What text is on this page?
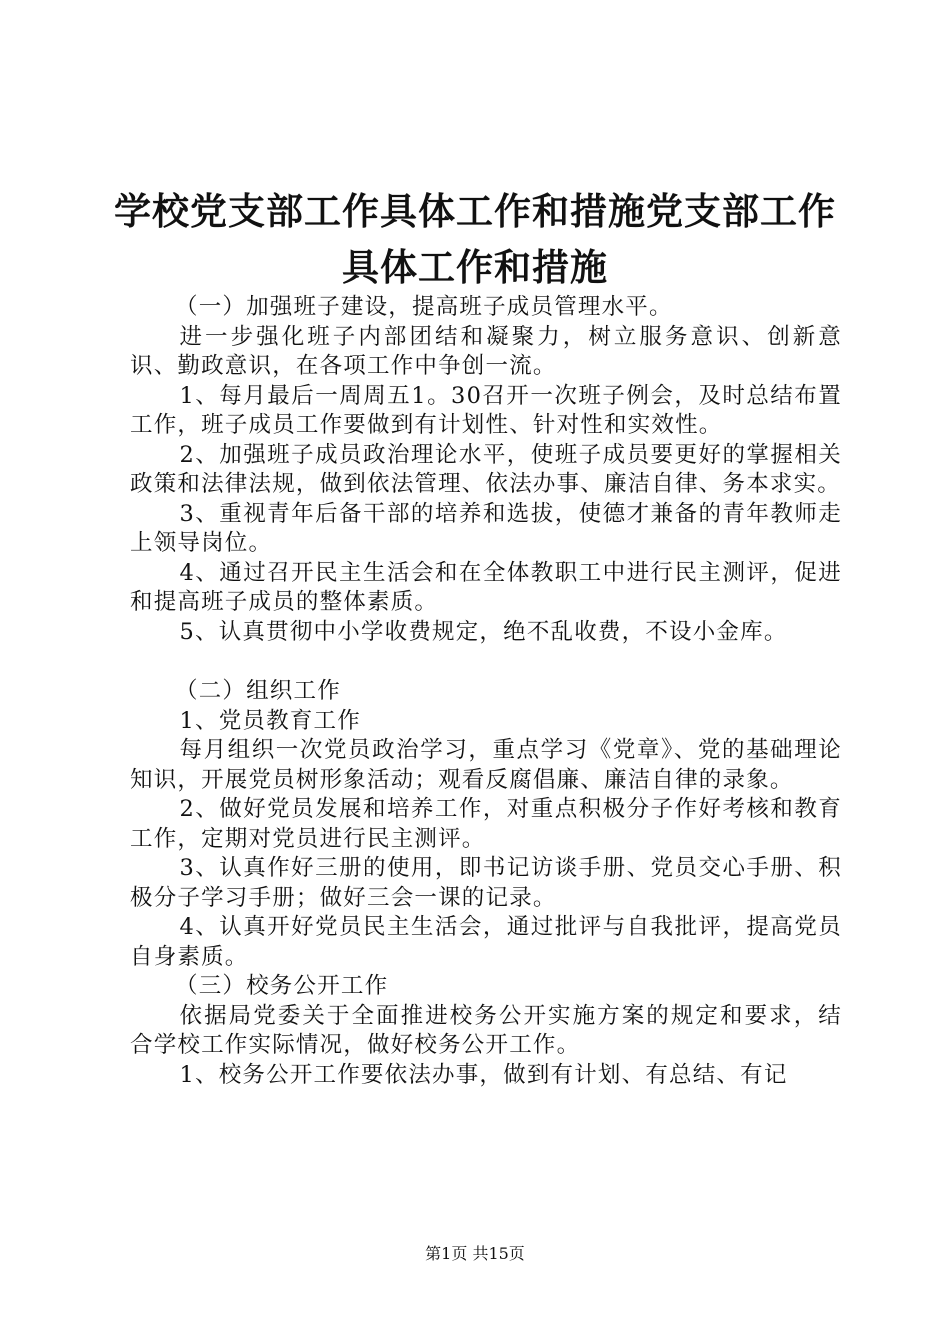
学校党支部工作具体工作和措施党支部工作具体工作和措施

（一）加强班子建设，提高班子成员管理水平。

进一步强化班子内部团结和凝聚力，树立服务意识、创新意识、勤政意识，在各项工作中争创一流。

1、每月最后一周周五1。30召开一次班子例会，及时总结布置工作，班子成员工作要做到有计划性、针对性和实效性。

2、加强班子成员政治理论水平，使班子成员要更好的掌握相关政策和法律法规，做到依法管理、依法办事、廉洁自律、务本求实。

3、重视青年后备干部的培养和选拔，使德才兼备的青年教师走上领导岗位。

4、通过召开民主生活会和在全体教职工中进行民主测评，促进和提高班子成员的整体素质。

5、认真贯彻中小学收费规定，绝不乱收费，不设小金库。

（二）组织工作

1、党员教育工作

每月组织一次党员政治学习，重点学习《党章》、党的基础理论知识，开展党员树形象活动；观看反腐倡廉、廉洁自律的录象。

2、做好党员发展和培养工作，对重点积极分子作好考核和教育工作，定期对党员进行民主测评。

3、认真作好三册的使用，即书记访谈手册、党员交心手册、积极分子学习手册；做好三会一课的记录。

4、认真开好党员民主生活会，通过批评与自我批评，提高党员自身素质。

（三）校务公开工作

依据局党委关于全面推进校务公开实施方案的规定和要求，结合学校工作实际情况，做好校务公开工作。

1、校务公开工作要依法办事，做到有计划、有总结、有记

第1页 共15页
